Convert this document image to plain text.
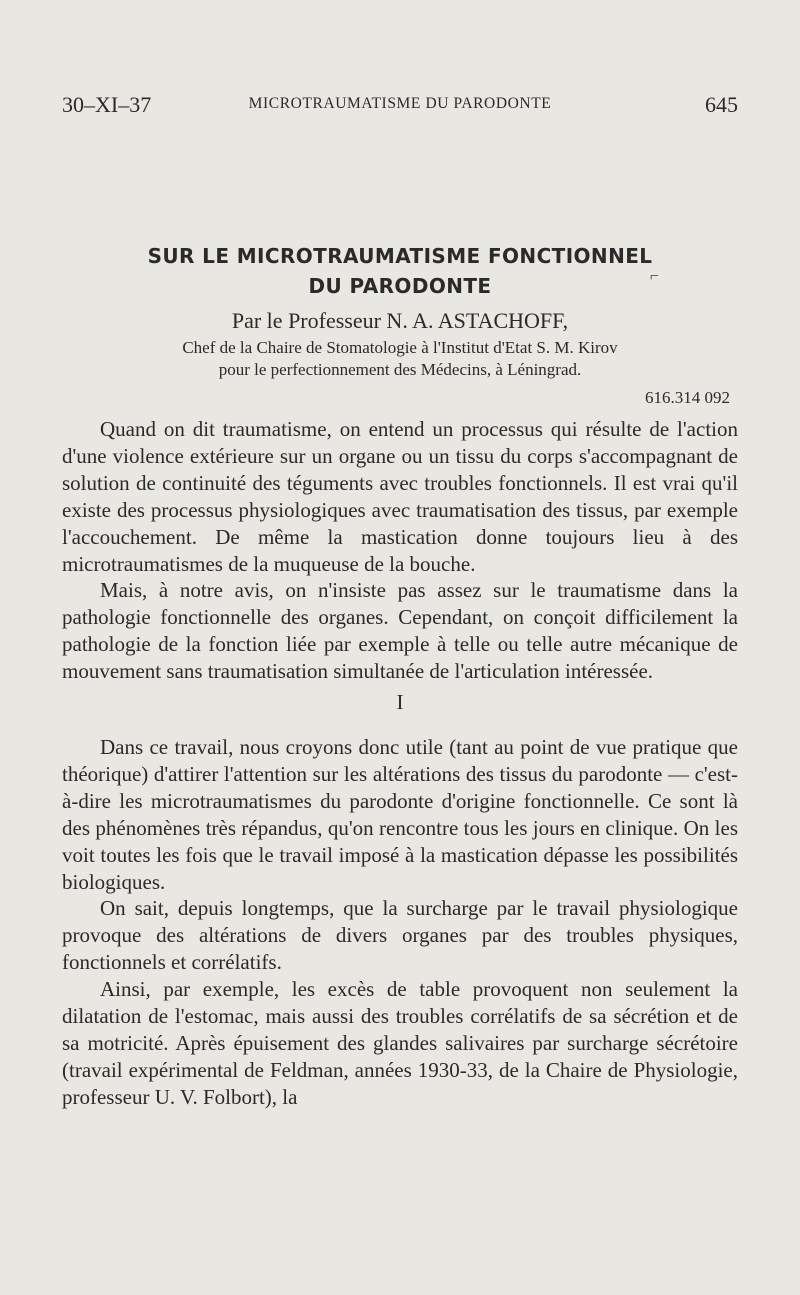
30–XI–37	MICROTRAUMATISME DU PARODONTE	645
SUR LE MICROTRAUMATISME FONCTIONNEL
DU PARODONTE	⌐
Par le Professeur N. A. ASTACHOFF,
Chef de la Chaire de Stomatologie à l'Institut d'Etat S. M. Kirov
pour le perfectionnement des Médecins, à Léningrad.
616.314 092

Quand on dit traumatisme, on entend un processus qui résulte de l'action d'une violence extérieure sur un organe ou un tissu du corps s'accompagnant de solution de continuité des téguments avec troubles fonctionnels. Il est vrai qu'il existe des processus physiologiques avec traumatisation des tissus, par exemple l'accouchement. De même la mastication donne toujours lieu à des microtraumatismes de la muqueuse de la bouche.

Mais, à notre avis, on n'insiste pas assez sur le traumatisme dans la pathologie fonctionnelle des organes. Cependant, on conçoit difficilement la pathologie de la fonction liée par exemple à telle ou telle autre mécanique de mouvement sans traumatisation simultanée de l'articulation intéressée.

I

Dans ce travail, nous croyons donc utile (tant au point de vue pratique que théorique) d'attirer l'attention sur les altérations des tissus du parodonte — c'est-à-dire les microtraumatismes du parodonte d'origine fonctionnelle. Ce sont là des phénomènes très répandus, qu'on rencontre tous les jours en clinique. On les voit toutes les fois que le travail imposé à la mastication dépasse les possibilités biologiques.

On sait, depuis longtemps, que la surcharge par le travail physiologique provoque des altérations de divers organes par des troubles physiques, fonctionnels et corrélatifs.

Ainsi, par exemple, les excès de table provoquent non seulement la dilatation de l'estomac, mais aussi des troubles corrélatifs de sa sécrétion et de sa motricité. Après épuisement des glandes salivaires par surcharge sécrétoire (travail expérimental de Feldman, années 1930-33, de la Chaire de Physiologie, professeur U. V. Folbort), la
